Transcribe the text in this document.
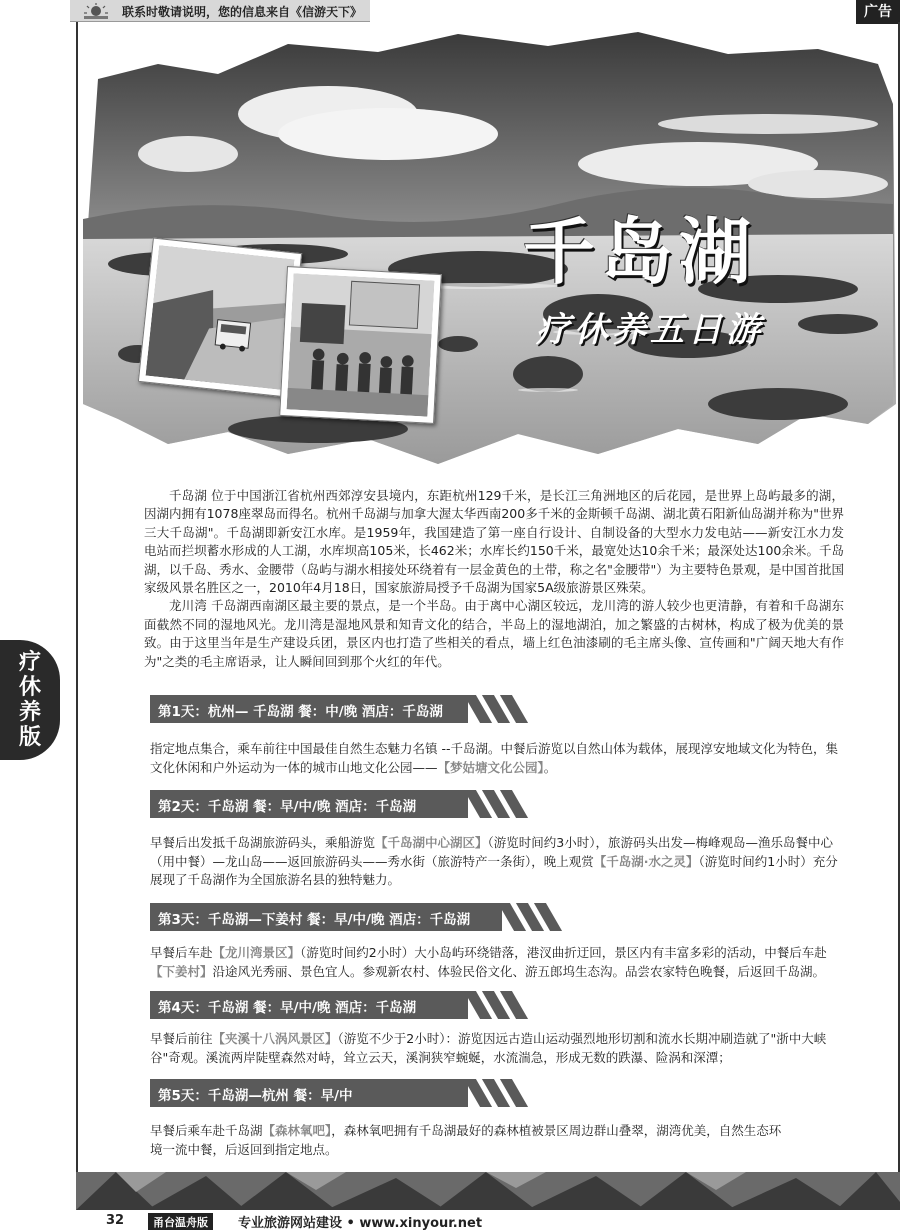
联系时敬请说明，您的信息来自《信游天下》	广告
千岛湖
疗休养五日游
疗
休
养
版

千岛湖 位于中国浙江省杭州西郊淳安县境内，东距杭州129千米，是长江三角洲地区的后花园，是世界上岛屿最多的湖，因湖内拥有1078座翠岛而得名。杭州千岛湖与加拿大渥太华西南200多千米的金斯顿千岛湖、湖北黄石阳新仙岛湖并称为"世界三大千岛湖"。千岛湖即新安江水库。是1959年，我国建造了第一座自行设计、自制设备的大型水力发电站——新安江水力发电站而拦坝蓄水形成的人工湖，水库坝高105米，长462米；水库长约150千米，最宽处达10余千米；最深处达100余米。千岛湖，以千岛、秀水、金腰带（岛屿与湖水相接处环绕着有一层金黄色的土带，称之名"金腰带"）为主要特色景观，是中国首批国家级风景名胜区之一，2010年4月18日，国家旅游局授予千岛湖为国家5A级旅游景区殊荣。

龙川湾 千岛湖西南湖区最主要的景点，是一个半岛。由于离中心湖区较远，龙川湾的游人较少也更清静，有着和千岛湖东面截然不同的湿地风光。龙川湾是湿地风景和知青文化的结合，半岛上的湿地湖泊，加之繁盛的古树林，构成了极为优美的景致。由于这里当年是生产建设兵团，景区内也打造了些相关的看点，墙上红色油漆刷的毛主席头像、宣传画和"广阔天地大有作为"之类的毛主席语录，让人瞬间回到那个火红的年代。

第1天：杭州— 千岛湖 餐：中/晚 酒店：千岛湖
指定地点集合，乘车前往中国最佳自然生态魅力名镇 --千岛湖。中餐后游览以自然山体为载体，展现淳安地域文化为特色，集文化休闲和户外运动为一体的城市山地文化公园——【梦姑塘文化公园】。
第2天：千岛湖 餐：早/中/晚 酒店：千岛湖
早餐后出发抵千岛湖旅游码头，乘船游览【千岛湖中心湖区】（游览时间约3小时），旅游码头出发—梅峰观岛—渔乐岛餐中心（用中餐）—龙山岛——返回旅游码头——秀水街（旅游特产一条街），晚上观赏【千岛湖·水之灵】（游览时间约1小时）充分展现了千岛湖作为全国旅游名县的独特魅力。
第3天：千岛湖—下姜村 餐：早/中/晚 酒店：千岛湖
早餐后车赴【龙川湾景区】（游览时间约2小时）大小岛屿环绕错落，港汊曲折迂回，景区内有丰富多彩的活动，中餐后车赴【下姜村】沿途风光秀丽、景色宜人。参观新农村、体验民俗文化、游五郎坞生态沟。品尝农家特色晚餐，后返回千岛湖。
第4天：千岛湖 餐：早/中/晚 酒店：千岛湖
早餐后前往【夹溪十八涡风景区】（游览不少于2小时）：游览因远古造山运动强烈地形切割和流水长期冲刷造就了"浙中大峡谷"奇观。溪流两岸陡壁森然对峙，耸立云天，溪涧狭窄蜿蜒，水流湍急，形成无数的跌瀑、险涡和深潭；
第5天：千岛湖—杭州 餐：早/中
早餐后乘车赴千岛湖【森林氧吧】，森林氧吧拥有千岛湖最好的森林植被景区周边群山叠翠，湖湾优美，自然生态环境一流中餐，后返回到指定地点。
32	甬台温舟版	专业旅游网站建设 • www.xinyour.net
